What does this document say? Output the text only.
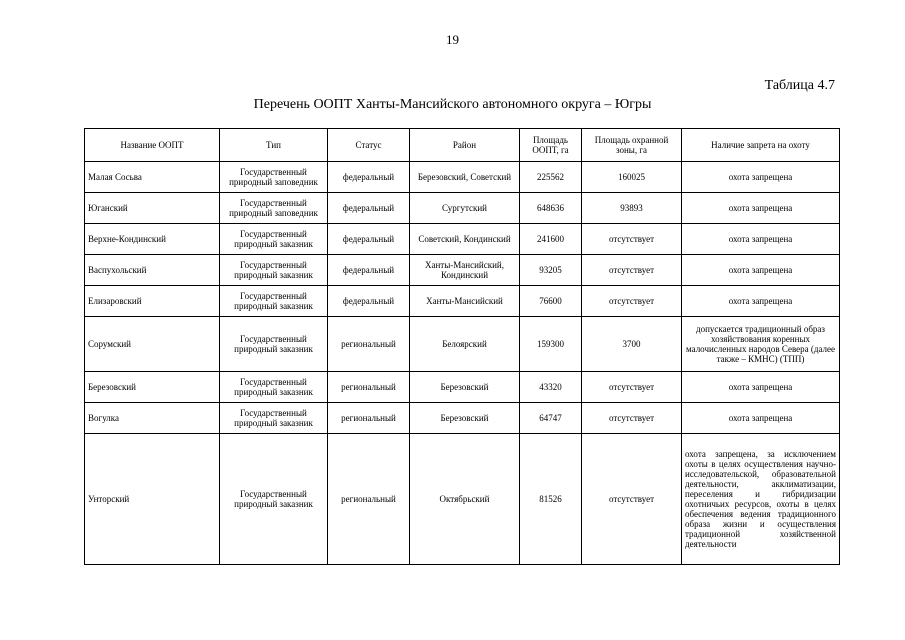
19
Таблица 4.7
Перечень ООПТ Ханты-Мансийского автономного округа – Югры
Название ООПТ	Тип	Статус	Район	Площадь ООПТ, га	Площадь охранной зоны, га	Наличие запрета на охоту
Малая Сосьва	Государственный природный заповедник	федеральный	Березовский, Советский	225562	160025	охота запрещена
Юганский	Государственный природный заповедник	федеральный	Сургутский	648636	93893	охота запрещена
Верхне-Кондинский	Государственный природный заказник	федеральный	Советский, Кондинский	241600	отсутствует	охота запрещена
Васпухольский	Государственный природный заказник	федеральный	Ханты-Мансийский, Кондинский	93205	отсутствует	охота запрещена
Елизаровский	Государственный природный заказник	федеральный	Ханты-Мансийский	76600	отсутствует	охота запрещена
Сорумский	Государственный природный заказник	региональный	Белоярский	159300	3700	допускается традиционный образ хозяйствования коренных малочисленных народов Севера (далее также – КМНС) (ТПП)
Березовский	Государственный природный заказник	региональный	Березовский	43320	отсутствует	охота запрещена
Вогулка	Государственный природный заказник	региональный	Березовский	64747	отсутствует	охота запрещена
Унторский	Государственный природный заказник	региональный	Октябрьский	81526	отсутствует	охота запрещена, за исключением охоты в целях осуществления научно-исследовательской, образовательной деятельности, акклиматизации, переселения и гибридизации охотничьих ресурсов, охоты в целях обеспечения ведения традиционного образа жизни и осуществления традиционной хозяйственной деятельности
